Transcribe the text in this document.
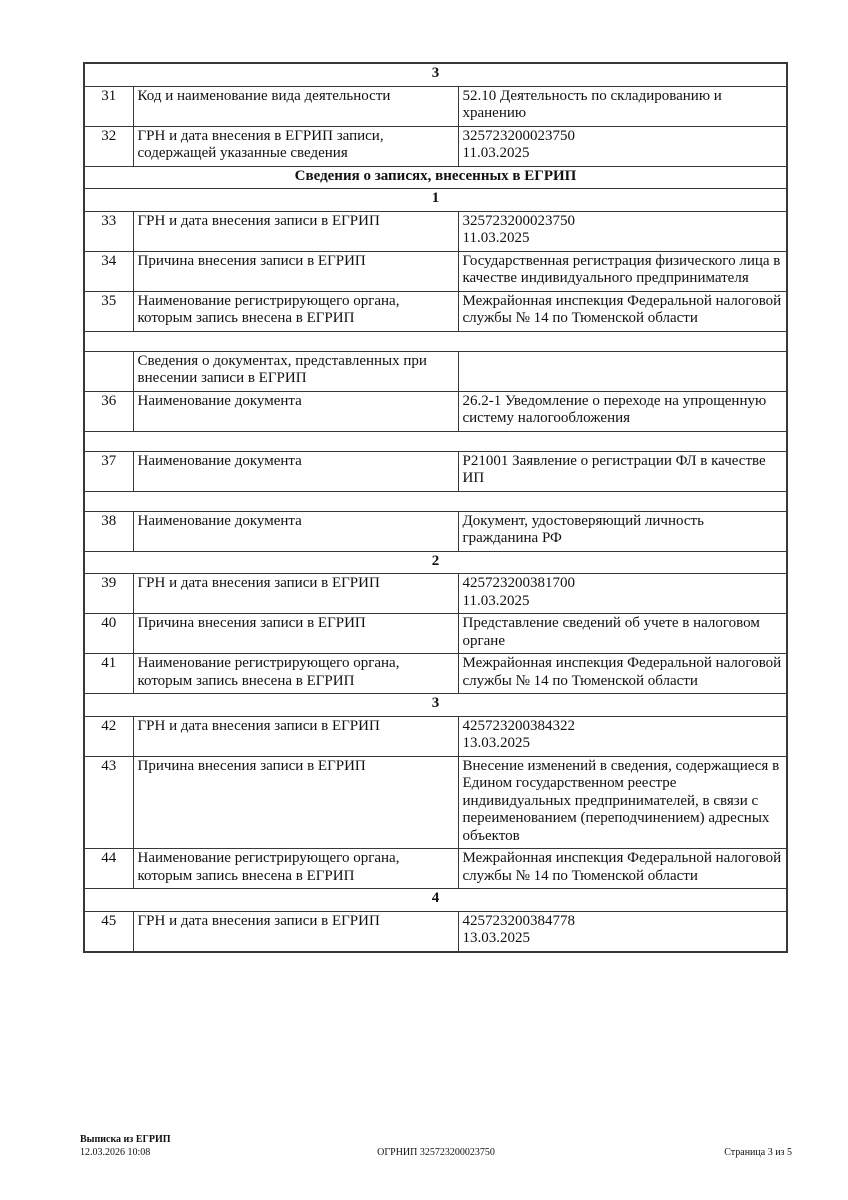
3		
31	Код и наименование вида деятельности	52.10 Деятельность по складированию и хранению

32	ГРН и дата внесения в ЕГРИП записи, содержащей указанные сведения	325723200023750
11.03.2025

Сведения о записях, внесенных в ЕГРИП		
1		
33	ГРН и дата внесения записи в ЕГРИП	325723200023750
11.03.2025

34	Причина внесения записи в ЕГРИП	Государственная регистрация физического лица в качестве индивидуального предпринимателя

35	Наименование регистрирующего органа, которым запись внесена в ЕГРИП	Межрайонная инспекция Федеральной налоговой службы № 14 по Тюменской области

	Сведения о документах, представленных при внесении записи в ЕГРИП	
36	Наименование документа	26.2-1 Уведомление о переходе на упрощенную систему налогообложения

37	Наименование документа	Р21001 Заявление о регистрации ФЛ в качестве ИП

38	Наименование документа	Документ, удостоверяющий личность гражданина РФ

2		
39	ГРН и дата внесения записи в ЕГРИП	425723200381700
11.03.2025

40	Причина внесения записи в ЕГРИП	Представление сведений об учете в налоговом органе

41	Наименование регистрирующего органа, которым запись внесена в ЕГРИП	Межрайонная инспекция Федеральной налоговой службы № 14 по Тюменской области

3		
42	ГРН и дата внесения записи в ЕГРИП	425723200384322
13.03.2025

43	Причина внесения записи в ЕГРИП	Внесение изменений в сведения, содержащиеся в Едином государственном реестре индивидуальных предпринимателей, в связи с переименованием (переподчинением) адресных объектов

44	Наименование регистрирующего органа, которым запись внесена в ЕГРИП	Межрайонная инспекция Федеральной налоговой службы № 14 по Тюменской области

4		
45	ГРН и дата внесения записи в ЕГРИП	425723200384778
13.03.2025
Выписка из ЕГРИП
12.03.2026 10:08	ОГРНИП 325723200023750	Страница 3 из 5
